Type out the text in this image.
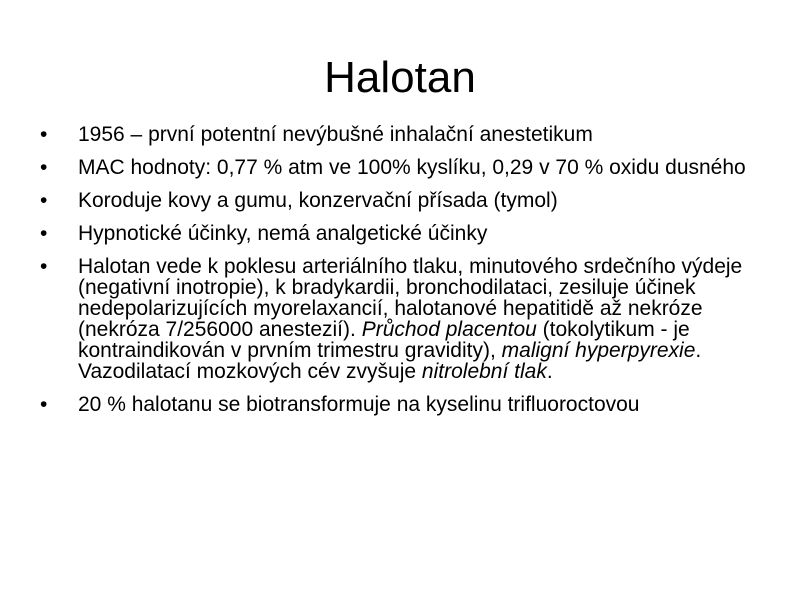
Halotan
• 1956 – první potentní nevýbušné inhalační anestetikum
• MAC hodnoty: 0,77 % atm ve 100% kyslíku, 0,29 v 70 % oxidu dusného
• Koroduje kovy a gumu, konzervační přísada (tymol)
• Hypnotické účinky, nemá analgetické účinky
• Halotan vede k poklesu arteriálního tlaku, minutového srdečního výdeje (negativní inotropie), k bradykardii, bronchodilataci, zesiluje účinek nedepolarizujících myorelaxancií, halotanové hepatitidě až nekróze (nekróza 7/256000 anestezií). Průchod placentou (tokolytikum - je kontraindikován v prvním trimestru gravidity), maligní hyperpyrexie. Vazodilatací mozkových cév zvyšuje nitrolební tlak.
• 20 % halotanu se biotransformuje na kyselinu trifluoroctovou
